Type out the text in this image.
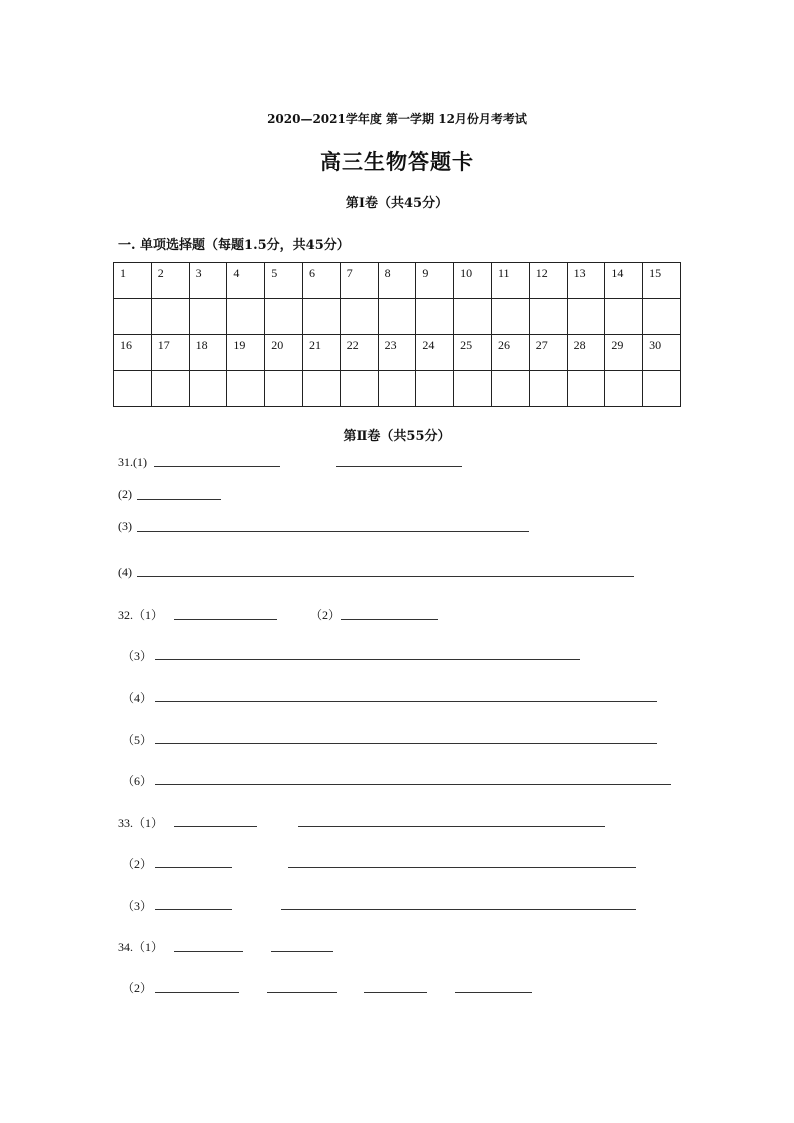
2020—2021学年度 第一学期 12月份月考考试
高三生物答题卡
第Ⅰ卷（共45分）
一. 单项选择题（每题1.5分，共45分）
1	2	3	4	5	6	7	8	9	10	11	12	13	14	15

16	17	18	19	20	21	22	23	24	25	26	27	28	29	30

第Ⅱ卷（共55分）
31.(1)
(2)
(3)
(4)
32.（1）	（2）
（3）
（4）
（5）
（6）
33.（1）
（2）
（3）
34.（1）
（2）
